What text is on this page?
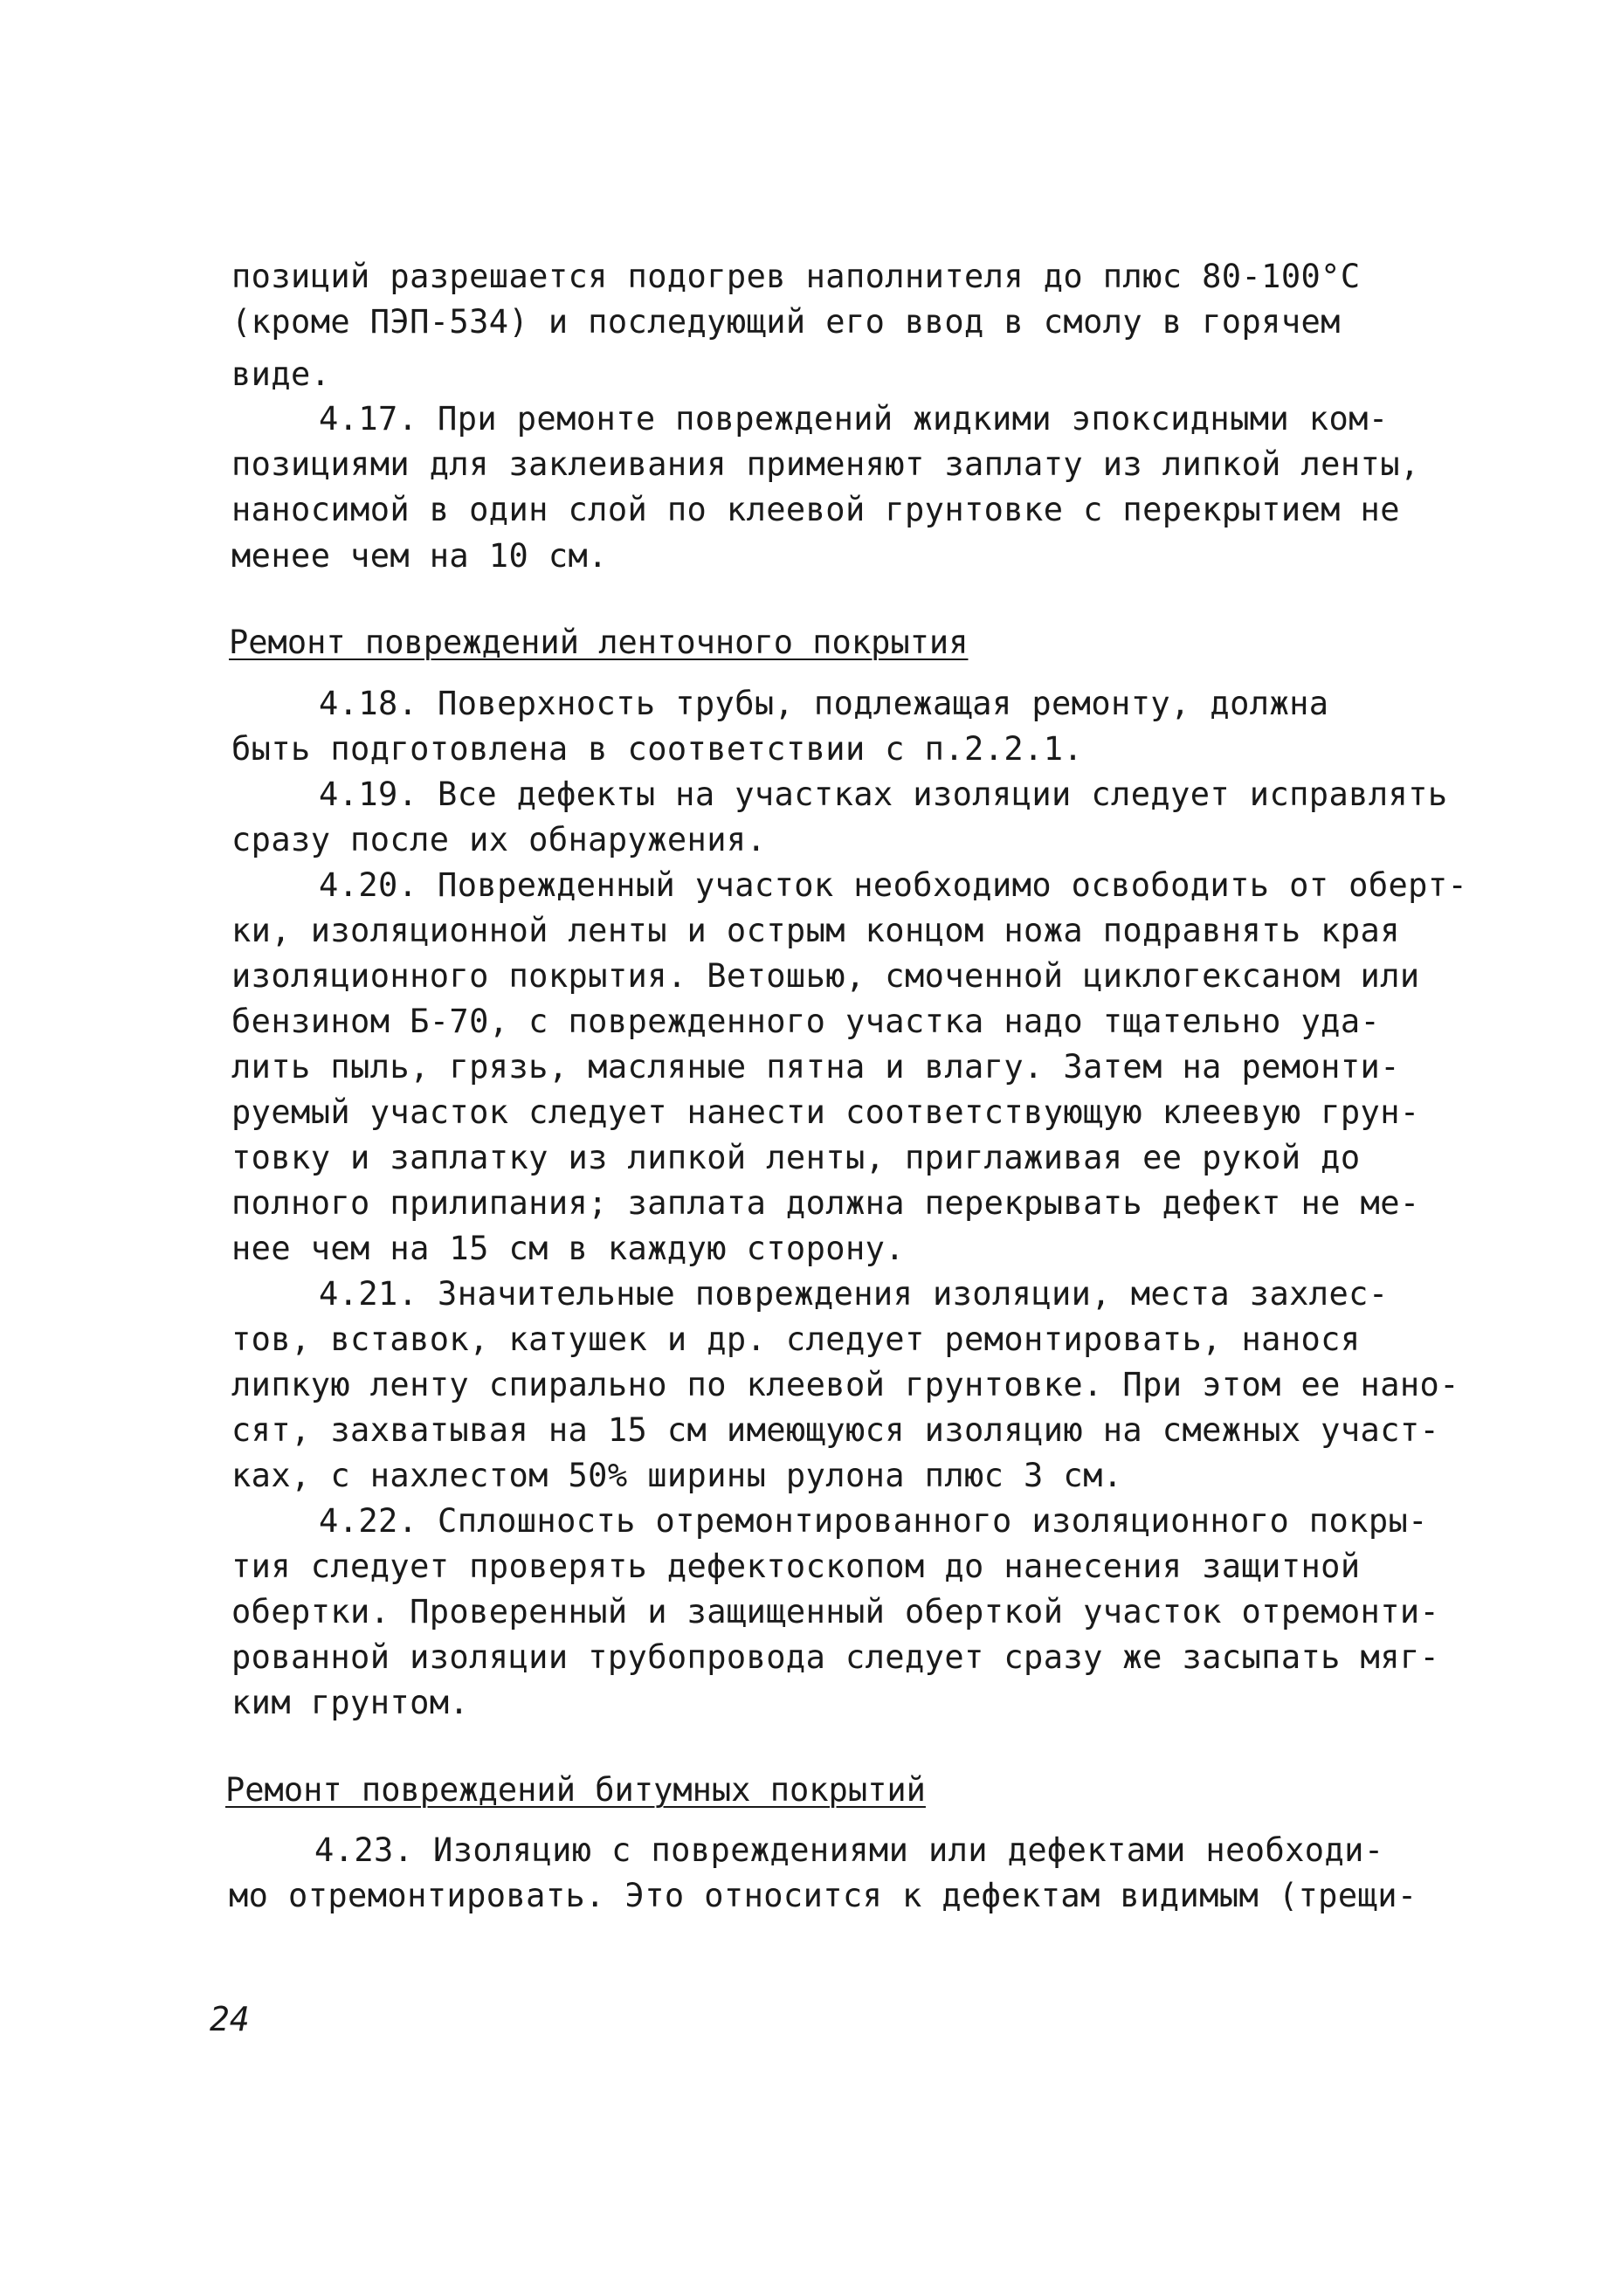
позиций разрешается подогрев наполнителя до плюс 80-100°C
(кроме ПЭП-534) и последующий его ввод в смолу в горячем
виде.
4.17. При ремонте повреждений жидкими эпоксидными ком-
позициями для заклеивания применяют заплату из липкой ленты,
наносимой в один слой по клеевой грунтовке с перекрытием не
менее чем на 10 см.
Ремонт повреждений ленточного покрытия
4.18. Поверхность трубы, подлежащая ремонту, должна
быть подготовлена в соответствии с п.2.2.1.
4.19. Все дефекты на участках изоляции следует исправлять
сразу после их обнаружения.
4.20. Поврежденный участок необходимо освободить от оберт-
ки, изоляционной ленты и острым концом ножа подравнять края
изоляционного покрытия. Ветошью, смоченной циклогексаном или
бензином Б-70, с поврежденного участка надо тщательно уда-
лить пыль, грязь, масляные пятна и влагу. Затем на ремонти-
руемый участок следует нанести соответствующую клеевую грун-
товку и заплатку из липкой ленты, приглаживая ее рукой до
полного прилипания; заплата должна перекрывать дефект не ме-
нее чем на 15 см в каждую сторону.
4.21. Значительные повреждения изоляции, места захлес-
тов, вставок, катушек и др. следует ремонтировать, нанося
липкую ленту спирально по клеевой грунтовке. При этом ее нано-
сят, захватывая на 15 см имеющуюся изоляцию на смежных участ-
ках, с нахлестом 50% ширины рулона плюс 3 см.
4.22. Сплошность отремонтированного изоляционного покры-
тия следует проверять дефектоскопом до нанесения защитной
обертки. Проверенный и защищенный оберткой участок отремонти-
рованной изоляции трубопровода следует сразу же засыпать мяг-
ким грунтом.
Ремонт повреждений битумных покрытий
4.23. Изоляцию с повреждениями или дефектами необходи-
мо отремонтировать. Это относится к дефектам видимым (трещи-
24
